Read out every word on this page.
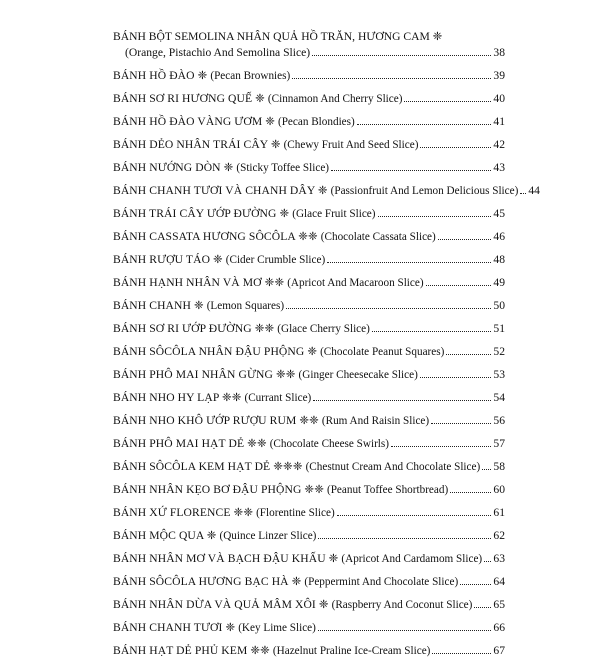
BÁNH BỘT SEMOLINA NHÂN QUẢ HỒ TRĂN, HƯƠNG CAM ❈
(Orange, Pistachio And Semolina Slice)	38
BÁNH HỒ ĐÀO ❈ (Pecan Brownies)	39
BÁNH SƠ RI HƯƠNG QUẾ ❈ (Cinnamon And Cherry Slice)	40
BÁNH HỒ ĐÀO VÀNG ƯƠM ❈ (Pecan Blondies)	41
BÁNH DẺO NHÂN TRÁI CÂY ❈ (Chewy Fruit And Seed Slice)	42
BÁNH NƯỚNG DÒN ❈ (Sticky Toffee Slice)	43
BÁNH CHANH TƯƠI VÀ CHANH DÂY ❈ (Passionfruit And Lemon Delicious Slice) 44
BÁNH TRÁI CÂY ƯỚP ĐƯỜNG ❈ (Glace Fruit Slice)	45
BÁNH CASSATA HƯƠNG SÔCÔLA ❈❈ (Chocolate Cassata Slice)	46
BÁNH RƯỢU TÁO ❈ (Cider Crumble Slice)	48
BÁNH HẠNH NHÂN VÀ MƠ ❈❈ (Apricot And Macaroon Slice)	49
BÁNH CHANH ❈ (Lemon Squares)	50
BÁNH SƠ RI ƯỚP ĐƯỜNG ❈❈ (Glace Cherry Slice)	51
BÁNH SÔCÔLA NHÂN ĐẬU PHỘNG ❈ (Chocolate Peanut Squares)	52
BÁNH PHÔ MAI NHÂN GỪNG ❈❈ (Ginger Cheesecake Slice)	53
BÁNH NHO HY LẠP ❈❈ (Currant Slice)	54
BÁNH NHO KHÔ ƯỚP RƯỢU RUM ❈❈ (Rum And Raisin Slice)	56
BÁNH PHÔ MAI HẠT DẺ ❈❈ (Chocolate Cheese Swirls)	57
BÁNH SÔCÔLA KEM HẠT DẺ ❈❈❈ (Chestnut Cream And Chocolate Slice) 58
BÁNH NHÂN KẸO BƠ ĐẬU PHỘNG ❈❈ (Peanut Toffee Shortbread)	60
BÁNH XỨ FLORENCE ❈❈ (Florentine Slice)	61
BÁNH MỘC QUA ❈ (Quince Linzer Slice)	62
BÁNH NHÂN MƠ VÀ BẠCH ĐẬU KHẤU ❈ (Apricot And Cardamom Slice) 63
BÁNH SÔCÔLA HƯƠNG BẠC HÀ ❈ (Peppermint And Chocolate Slice)	64
BÁNH NHÂN DỪA VÀ QUẢ MÂM XÔI ❈ (Raspberry And Coconut Slice) 65
BÁNH CHANH TƯƠI ❈ (Key Lime Slice)	66
BÁNH HẠT DẺ PHỦ KEM ❈❈ (Hazelnut Praline Ice-Cream Slice)	67
